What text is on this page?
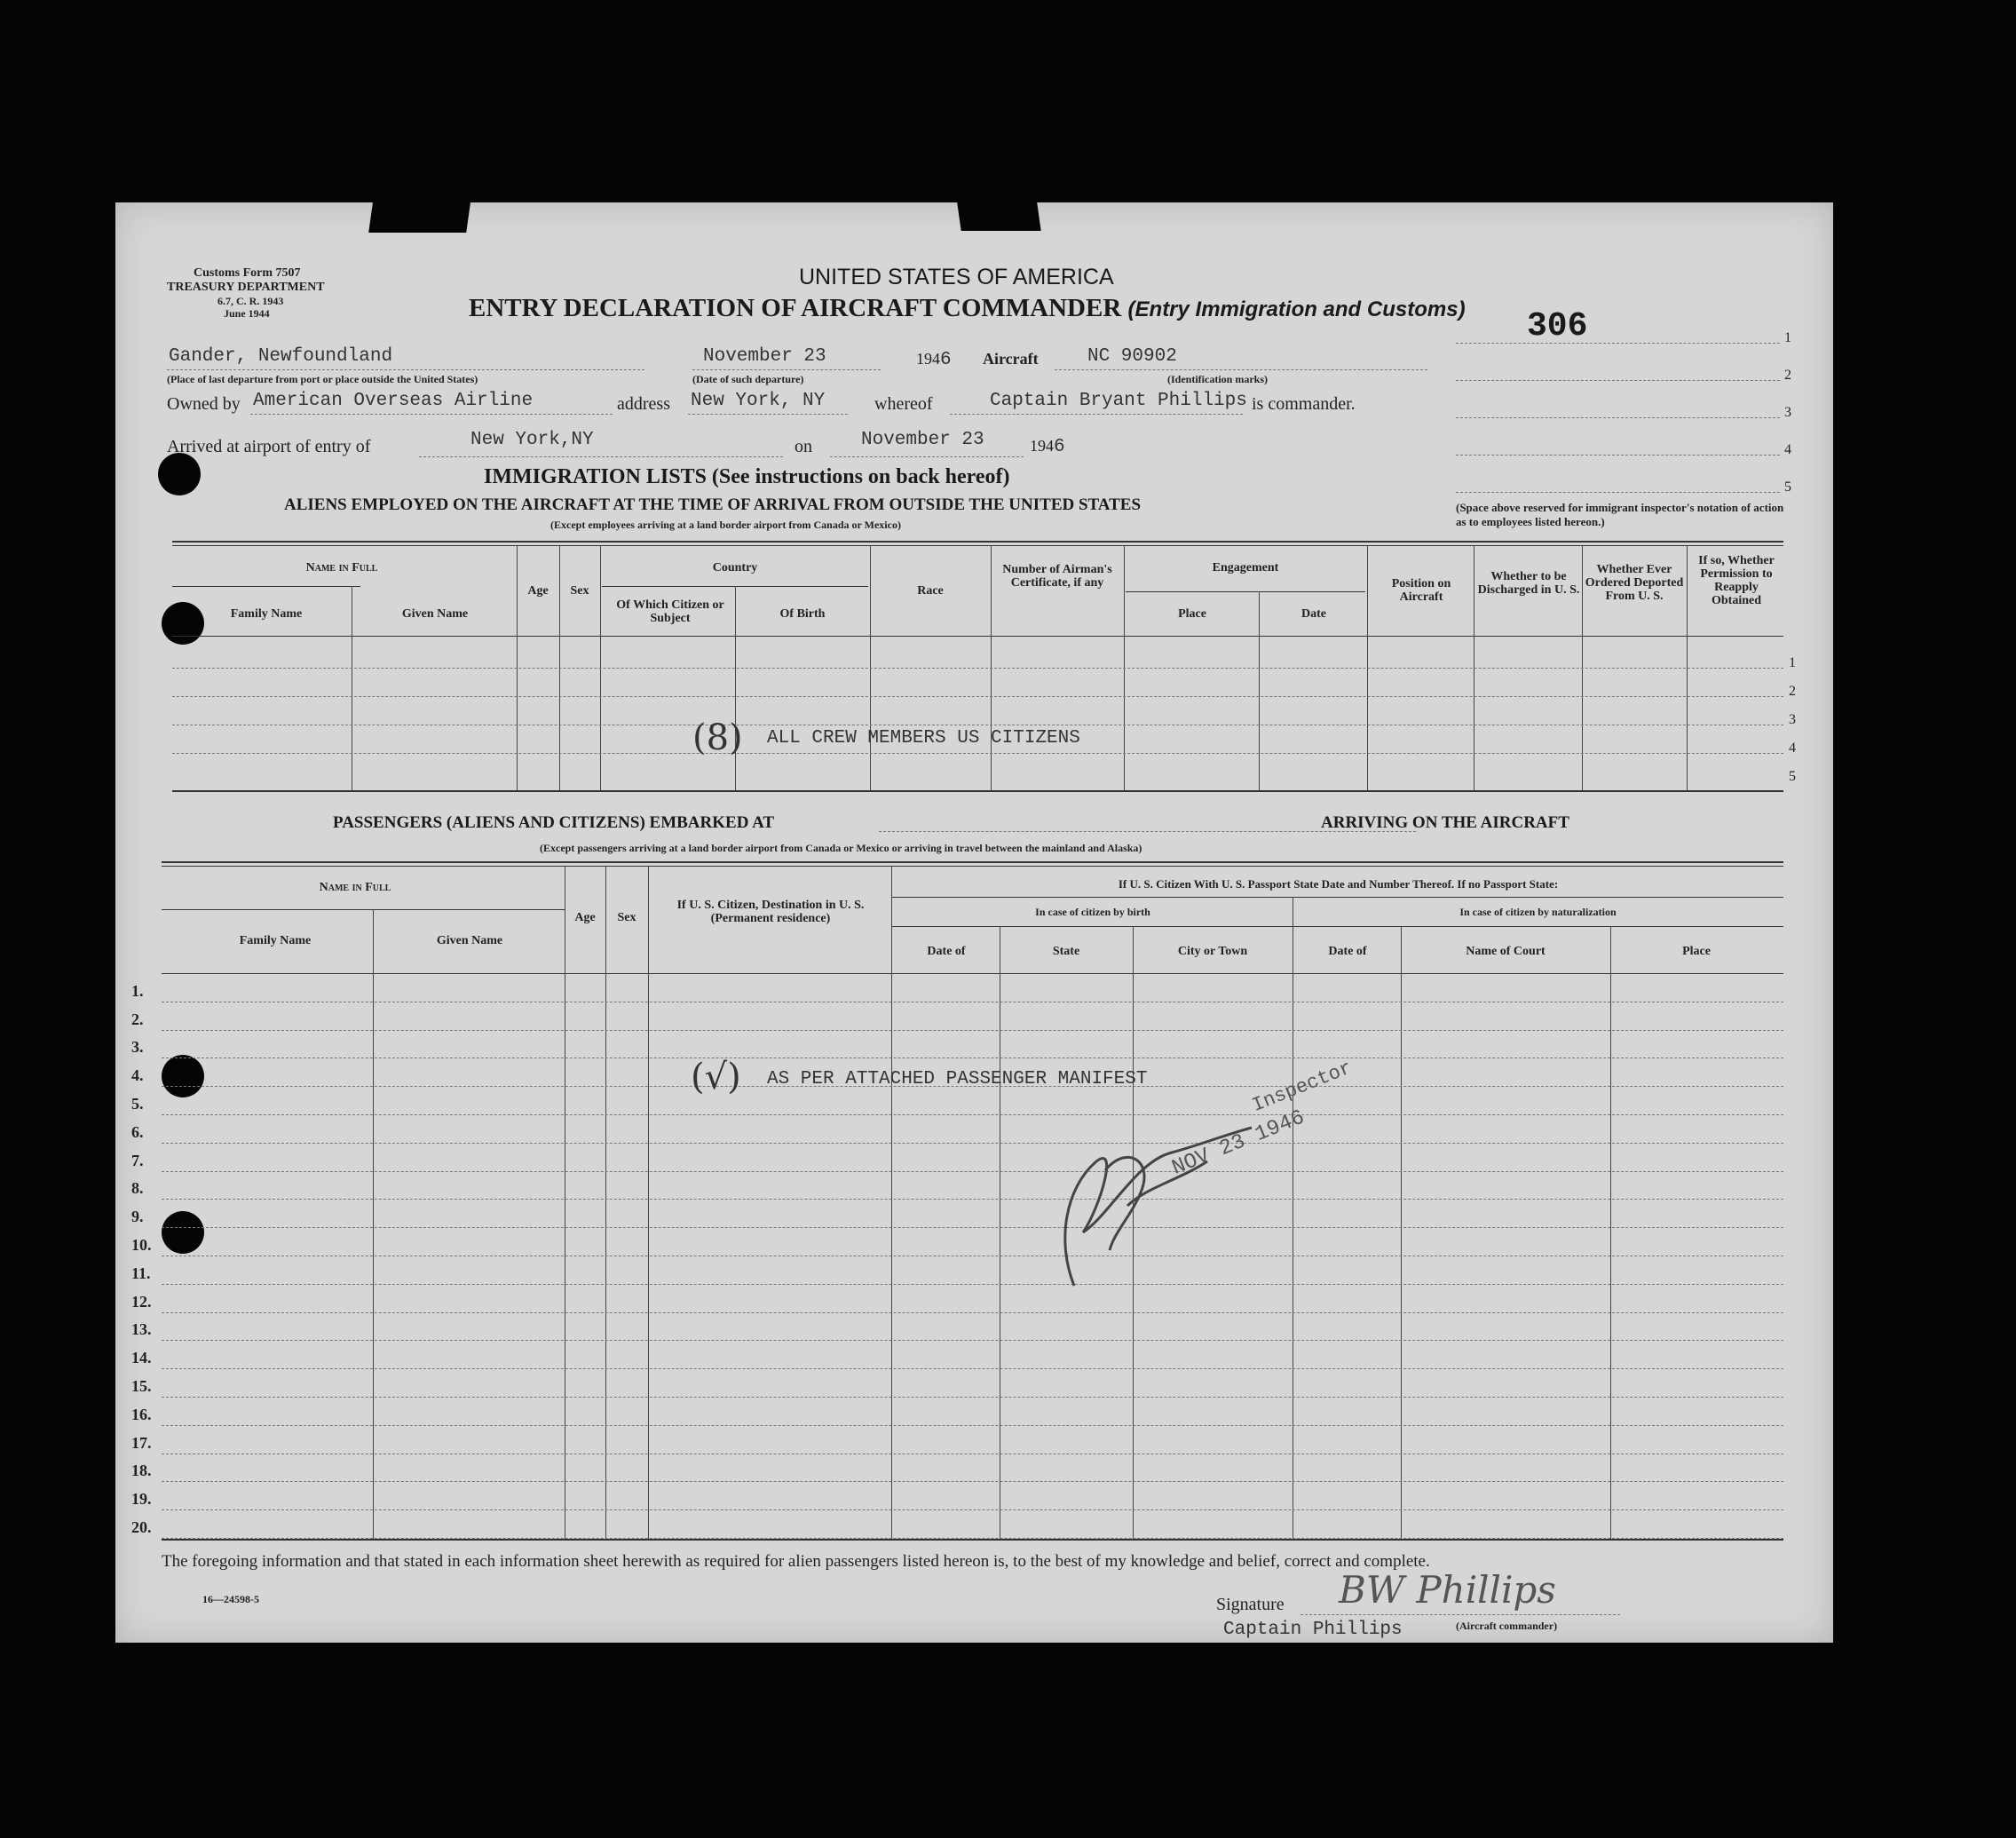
Customs Form 7507
TREASURY DEPARTMENT
6.7, C. R. 1943
June 1944
UNITED STATES OF AMERICA
ENTRY DECLARATION OF AIRCRAFT COMMANDER (Entry Immigration and Customs) 306	1
2
3
4
5
(Space above reserved for immigrant inspector's notation of action as to employees listed hereon.)
Gander, Newfoundland
(Place of last departure from port or place outside the United States)
November 23
(Date of such departure)
1946 Aircraft	NC 90902
(Identification marks)
Owned by American Overseas Airline	address New York, NY	whereof	Captain Bryant Phillips is commander.
Arrived at airport of entry of	New York,NY	on	November 23	1946
IMMIGRATION LISTS (See instructions on back hereof)
ALIENS EMPLOYED ON THE AIRCRAFT AT THE TIME OF ARRIVAL FROM OUTSIDE THE UNITED STATES
(Except employees arriving at a land border airport from Canada or Mexico)
Name in Full
Family Name	Given Name
Age	Sex
Country
Of Which Citizen or Subject	Of Birth
Race
Number of Airman's Certificate, if any
Engagement
Place	Date
Position on Aircraft
Whether to be Discharged in U. S.
Whether Ever Ordered Deported From U. S.
If so, Whether Permission to Reapply Obtained
1
2
3
4
5
(8) ALL CREW MEMBERS US CITIZENS
PASSENGERS (ALIENS AND CITIZENS) EMBARKED AT	ARRIVING ON THE AIRCRAFT
(Except passengers arriving at a land border airport from Canada or Mexico or arriving in travel between the mainland and Alaska)
Name in Full
Family Name	Given Name
Age	Sex
If U. S. Citizen, Destination in U. S. (Permanent residence)
If U. S. Citizen With U. S. Passport State Date and Number Thereof. If no Passport State:
In case of citizen by birth	In case of citizen by naturalization
Date of	State	City or Town	Date of	Name of Court	Place
1.
2.
3.
4.
5.
6.
7.
8.
9.
10.
11.
12.
13.
14.
15.
16.
17.
18.
19.
20.
(√) AS PER ATTACHED PASSENGER MANIFEST	Inspector
NOV 23 1946
The foregoing information and that stated in each information sheet herewith as required for alien passengers listed hereon is, to the best of my knowledge and belief, correct and complete.
16—24598-5	Signature BW Phillips
Captain Phillips	(Aircraft commander)
